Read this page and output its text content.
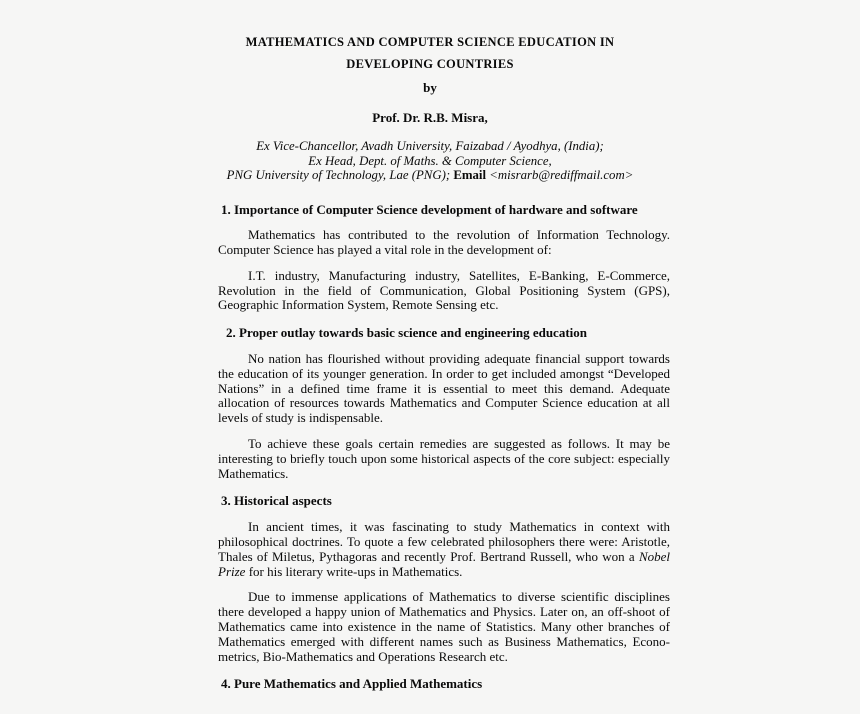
MATHEMATICS AND COMPUTER SCIENCE EDUCATION IN
DEVELOPING COUNTRIES
by
Prof. Dr. R.B. Misra,
Ex Vice-Chancellor, Avadh University, Faizabad / Ayodhya, (India);
Ex Head, Dept. of Maths. & Computer Science,
PNG University of Technology, Lae (PNG); Email <misrarb@rediffmail.com>
1. Importance of Computer Science development of hardware and software

Mathematics has contributed to the revolution of Information Technology. Computer Science has played a vital role in the development of:

I.T. industry, Manufacturing industry, Satellites, E-Banking, E-Commerce, Revolution in the field of Communication, Global Positioning System (GPS), Geographic Information System, Remote Sensing etc.

2. Proper outlay towards basic science and engineering education

No nation has flourished without providing adequate financial support towards the education of its younger generation. In order to get included amongst “Developed Nations” in a defined time frame it is essential to meet this demand. Adequate allocation of resources towards Mathematics and Computer Science education at all levels of study is indispensable.

To achieve these goals certain remedies are suggested as follows. It may be interesting to briefly touch upon some historical aspects of the core subject: especially Mathematics.

3. Historical aspects

In ancient times, it was fascinating to study Mathematics in context with philosophical doctrines. To quote a few celebrated philosophers there were: Aristotle, Thales of Miletus, Pythagoras and recently Prof. Bertrand Russell, who won a Nobel Prize for his literary write-ups in Mathematics.

Due to immense applications of Mathematics to diverse scientific disciplines there developed a happy union of Mathematics and Physics. Later on, an off-shoot of Mathematics came into existence in the name of Statistics. Many other branches of Mathematics emerged with different names such as Business Mathematics, Econo-metrics, Bio-Mathematics and Operations Research etc.

4. Pure Mathematics and Applied Mathematics
